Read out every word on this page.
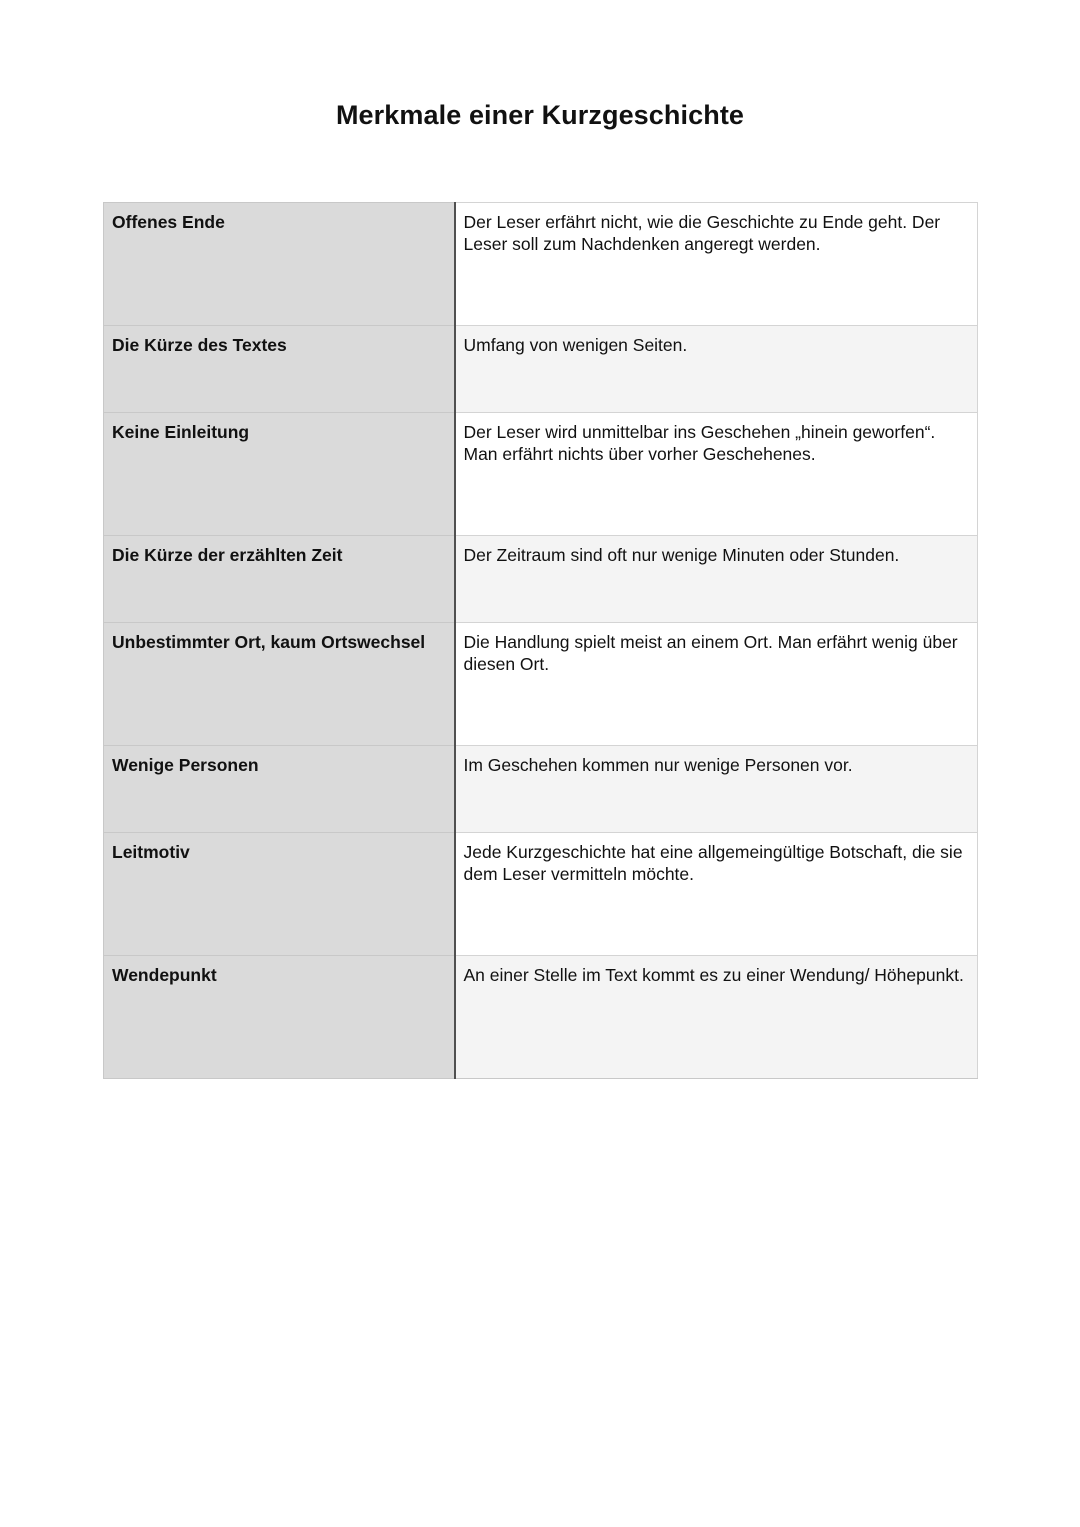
Merkmale einer Kurzgeschichte
Offenes Ende	Der Leser erfährt nicht, wie die Geschichte zu Ende geht. Der Leser soll zum Nachdenken angeregt werden.
Die Kürze des Textes	Umfang von wenigen Seiten.
Keine Einleitung	Der Leser wird unmittelbar ins Geschehen „hinein geworfen“. Man erfährt nichts über vorher Geschehenes.
Die Kürze der erzählten Zeit	Der Zeitraum sind oft nur wenige Minuten oder Stunden.
Unbestimmter Ort, kaum Ortswechsel	Die Handlung spielt meist an einem Ort. Man erfährt wenig über diesen Ort.
Wenige Personen	Im Geschehen kommen nur wenige Personen vor.
Leitmotiv	Jede Kurzgeschichte hat eine allgemeingültige Botschaft, die sie dem Leser vermitteln möchte.
Wendepunkt	An einer Stelle im Text kommt es zu einer Wendung/ Höhepunkt.
